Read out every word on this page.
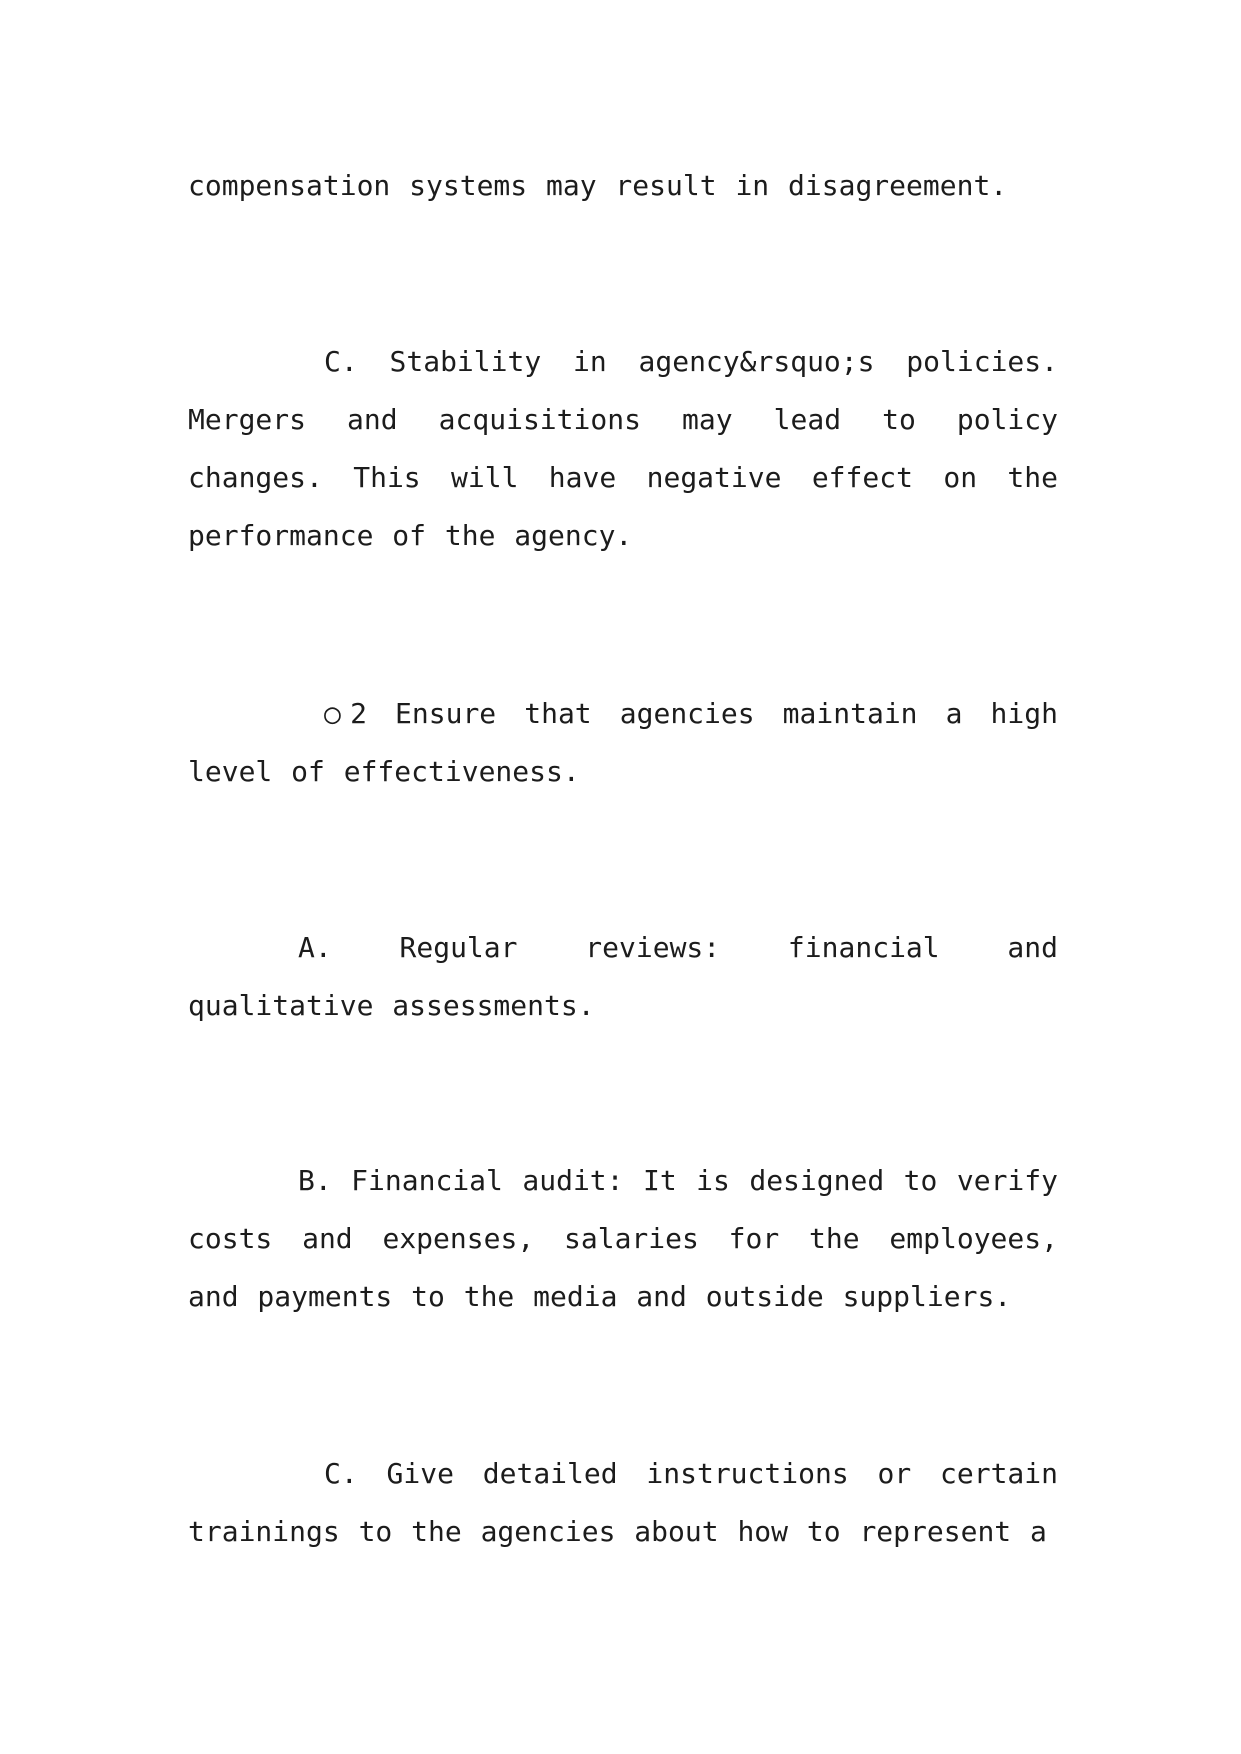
compensation systems may result in disagreement.

C. Stability in agency&rsquo;s policies. Mergers and acquisitions may lead to policy changes. This will have negative effect on the performance of the agency.

○2 Ensure that agencies maintain a high level of effectiveness.

A. Regular reviews: financial and qualitative assessments.

B. Financial audit: It is designed to verify costs and expenses, salaries for the employees, and payments to the media and outside suppliers.

C. Give detailed instructions or certain trainings to the agencies about how to represent a
